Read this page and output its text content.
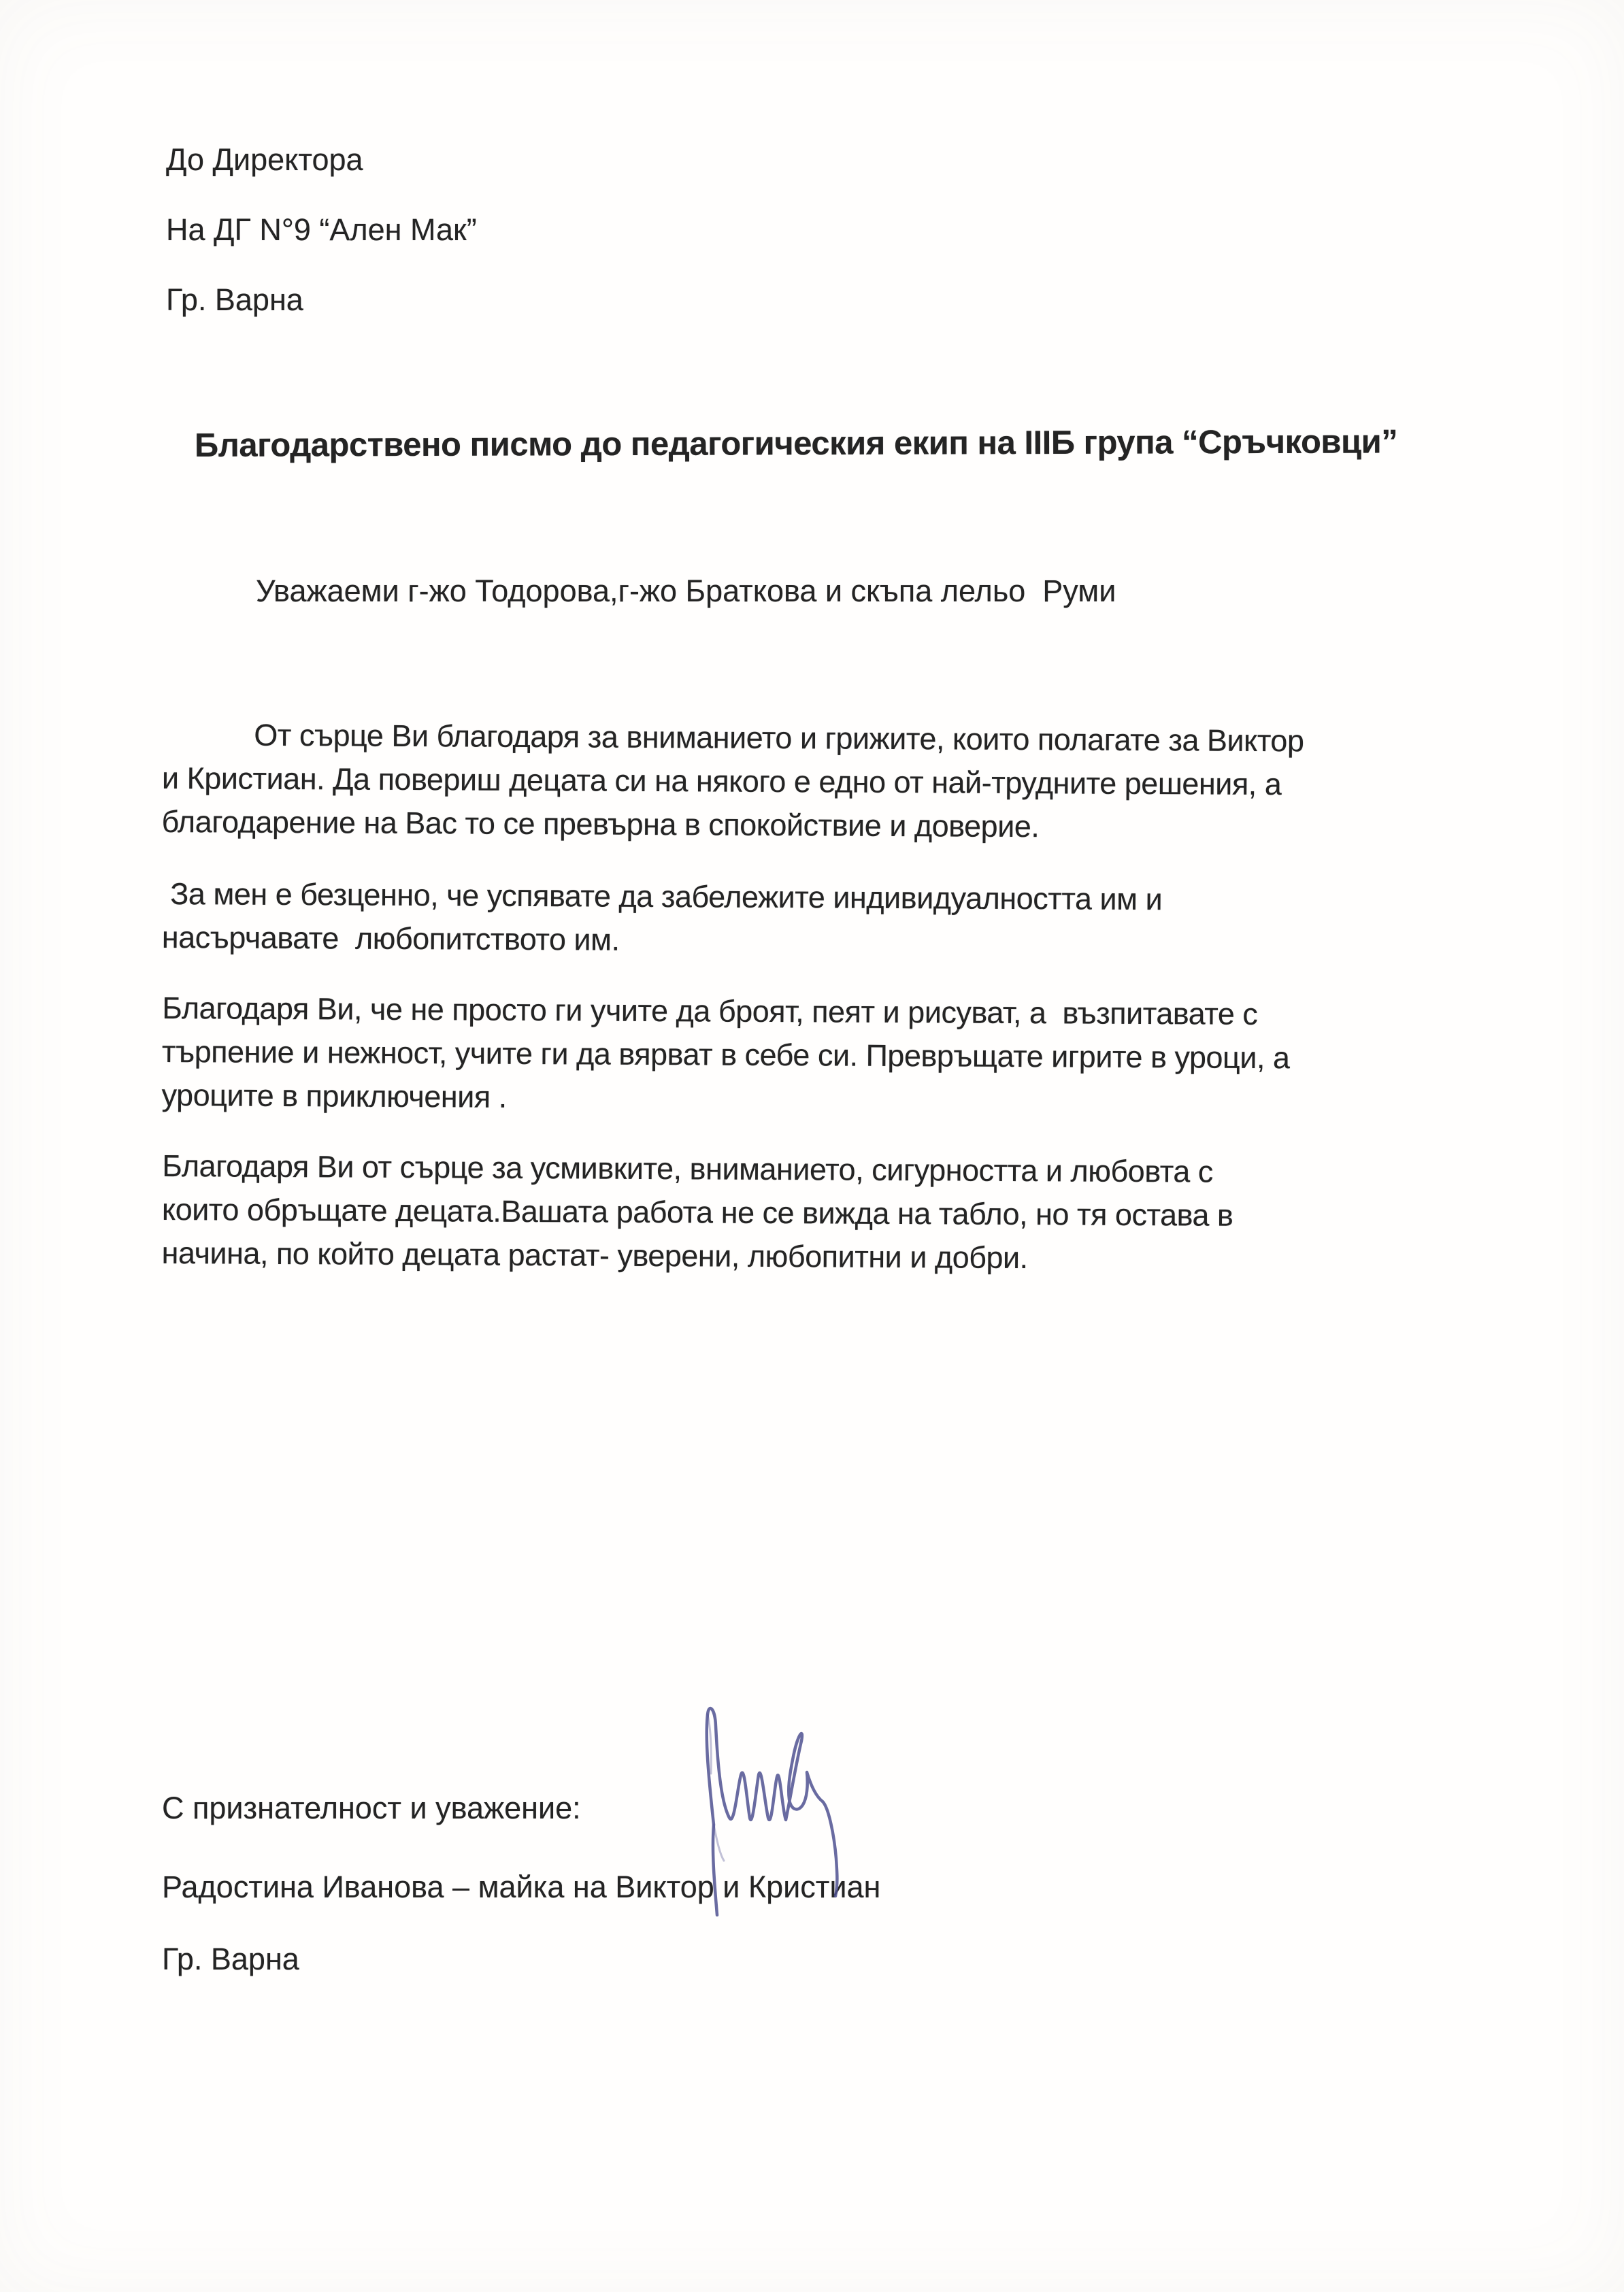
До Директора

На ДГ N°9 “Ален Мак”

Гр. Варна

Благодарствено писмо до педагогическия екип на IIIБ група “Сръчковци”

Уважаеми г-жо Тодорова,г-жо Браткова и скъпа лельо  Руми

От сърце Ви благодаря за вниманието и грижите, които полагате за Виктор
и Кристиан. Да повериш децата си на някого е едно от най-трудните решения, а
благодарение на Вас то се превърна в спокойствие и доверие.

За мен е безценно, че успявате да забележите индивидуалността им и
насърчавате  любопитството им.

Благодаря Ви, че не просто ги учите да броят, пеят и рисуват, а  възпитавате с
търпение и нежност, учите ги да вярват в себе си. Превръщате игрите в уроци, а
уроците в приключения .

Благодаря Ви от сърце за усмивките, вниманието, сигурността и любовта с
които обръщате децата.Вашата работа не се вижда на табло, но тя остава в
начина, по който децата растат- уверени, любопитни и добри.

С признателност и уважение:

Радостина Иванова – майка на Виктор и Кристиан

Гр. Варна
